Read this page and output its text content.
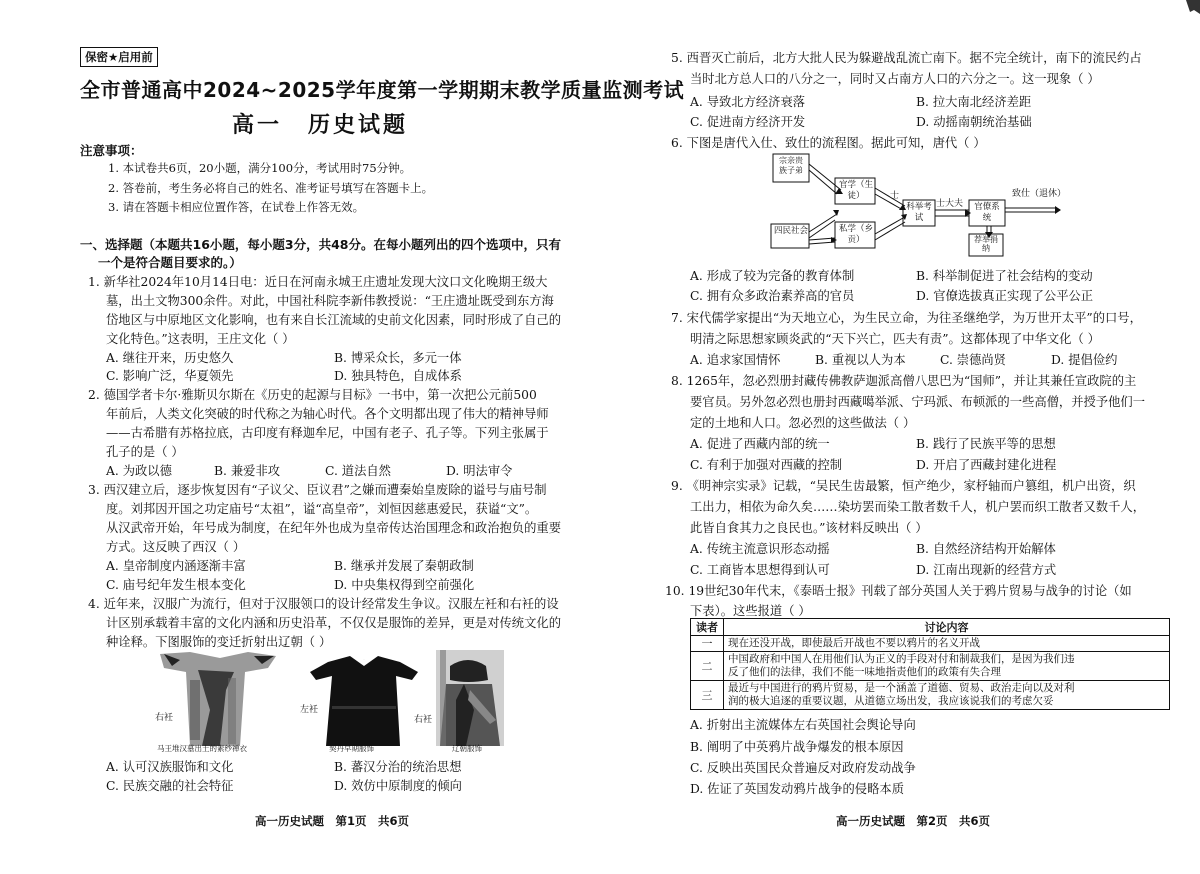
保密★启用前
全市普通高中2024~2025学年度第一学期期末教学质量监测考试
高一 历史试题
注意事项：
1. 本试卷共6页，20小题，满分100分，考试用时75分钟。
2. 答卷前，考生务必将自己的姓名、准考证号填写在答题卡上。
3. 请在答题卡相应位置作答，在试卷上作答无效。
一、选择题（本题共16小题，每小题3分，共48分。在每小题列出的四个选项中，只有
一个是符合题目要求的。）
1. 新华社2024年10月14日电：近日在河南永城王庄遗址发现大汶口文化晚期王级大
墓，出土文物300余件。对此，中国社科院李新伟教授说：“王庄遗址既受到东方海
岱地区与中原地区文化影响，也有来自长江流域的史前文化因素，同时形成了自己的
文化特色。”这表明，王庄文化（ ）
A. 继往开来，历史悠久	B. 博采众长，多元一体
C. 影响广泛，华夏领先	D. 独具特色，自成体系
2. 德国学者卡尔·雅斯贝尔斯在《历史的起源与目标》一书中，第一次把公元前500
年前后，人类文化突破的时代称之为轴心时代。各个文明都出现了伟大的精神导师
——古希腊有苏格拉底，古印度有释迦牟尼，中国有老子、孔子等。下列主张属于
孔子的是（ ）
A. 为政以德	B. 兼爱非攻	C. 道法自然	D. 明法审令
3. 西汉建立后，逐步恢复因有“子议父、臣议君”之嫌而遭秦始皇废除的谥号与庙号制
度。刘邦因开国之功定庙号“太祖”，谥“高皇帝”，刘恒因慈惠爱民，获谥“文”。
从汉武帝开始，年号成为制度，在纪年外也成为皇帝传达治国理念和政治抱负的重要
方式。这反映了西汉（ ）
A. 皇帝制度内涵逐渐丰富	B. 继承并发展了秦朝政制
C. 庙号纪年发生根本变化	D. 中央集权得到空前强化
4. 近年来，汉服广为流行，但对于汉服领口的设计经常发生争议。汉服左衽和右衽的设
计区别承载着丰富的文化内涵和历史沿革，不仅仅是服饰的差异，更是对传统文化的
种诠释。下图服饰的变迁折射出辽朝（ ）
右衽
左衽
右衽
马王堆汉墓出土的素纱禅衣	契丹早期服饰	辽朝服饰
A. 认可汉族服饰和文化	B. 蕃汉分治的统治思想
C. 民族交融的社会特征	D. 效仿中原制度的倾向
高一历史试题　第1页　共6页
5. 西晋灭亡前后，北方大批人民为躲避战乱流亡南下。据不完全统计，南下的流民约占
当时北方总人口的八分之一，同时又占南方人口的六分之一。这一现象（ ）
A. 导致北方经济衰落	B. 拉大南北经济差距
C. 促进南方经济开发	D. 动摇南朝统治基础
6. 下图是唐代入仕、致仕的流程图。据此可知，唐代（ ）
宗亲贵族子弟
官学（生徒）
四民社会	私学（乡贡）
科举考试
官僚系统
荐举捐纳
士
士大夫
致仕（退休）
A. 形成了较为完备的教育体制	B. 科举制促进了社会结构的变动
C. 拥有众多政治素养高的官员	D. 官僚选拔真正实现了公平公正
7. 宋代儒学家提出“为天地立心，为生民立命，为往圣继绝学，为万世开太平”的口号，
明清之际思想家顾炎武的“天下兴亡，匹夫有责”。这都体现了中华文化（ ）
A. 追求家国情怀	B. 重视以人为本	C. 崇德尚贤	D. 提倡俭约
8. 1265年，忽必烈册封藏传佛教萨迦派高僧八思巴为“国师”，并让其兼任宣政院的主
要官员。另外忽必烈也册封西藏噶举派、宁玛派、布顿派的一些高僧，并授予他们一
定的土地和人口。忽必烈的这些做法（ ）
A. 促进了西藏内部的统一	B. 践行了民族平等的思想
C. 有利于加强对西藏的控制	D. 开启了西藏封建化进程
9. 《明神宗实录》记载，“吴民生齿最繁，恒产绝少，家杼轴而户篡组，机户出资，织
工出力，相依为命久矣……染坊罢而染工散者数千人，机户罢而织工散者又数千人，
此皆自食其力之良民也。”该材料反映出（ ）
A. 传统主流意识形态动摇	B. 自然经济结构开始解体
C. 工商皆本思想得到认可	D. 江南出现新的经营方式
10. 19世纪30年代末，《泰晤士报》刊载了部分英国人关于鸦片贸易与战争的讨论（如
下表）。这些报道（ ）
读者	讨论内容
一	现在还没开战，即使最后开战也不要以鸦片的名义开战

二	中国政府和中国人在用他们认为正义的手段对付和制裁我们，是因为我们违
反了他们的法律，我们不能一味地指责他们的政策有失合理

三	最近与中国进行的鸦片贸易，是一个涵盖了道德、贸易、政治走向以及对利
润的极大追逐的重要议题，从道德立场出发，我应该说我们的考虑欠妥
A. 折射出主流媒体左右英国社会舆论导向
B. 阐明了中英鸦片战争爆发的根本原因
C. 反映出英国民众普遍反对政府发动战争
D. 佐证了英国发动鸦片战争的侵略本质
高一历史试题　第2页　共6页
